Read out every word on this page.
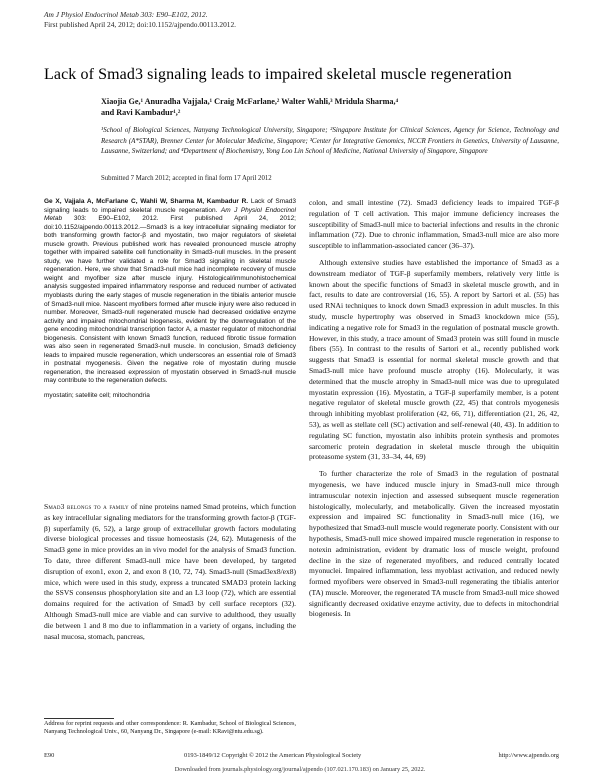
Am J Physiol Endocrinol Metab 303: E90–E102, 2012.
First published April 24, 2012; doi:10.1152/ajpendo.00113.2012.
Lack of Smad3 signaling leads to impaired skeletal muscle regeneration
Xiaojia Ge,¹ Anuradha Vajjala,¹ Craig McFarlane,² Walter Wahli,³ Mridula Sharma,⁴
and Ravi Kambadur¹,²
¹School of Biological Sciences, Nanyang Technological University, Singapore; ²Singapore Institute for Clinical Sciences, Agency for Science, Technology and Research (A*STAR), Brenner Center for Molecular Medicine, Singapore; ³Center for Integrative Genomics, NCCR Frontiers in Genetics, University of Lausanne, Lausanne, Switzerland; and ⁴Department of Biochemistry, Yong Loo Lin School of Medicine, National University of Singapore, Singapore
Submitted 7 March 2012; accepted in final form 17 April 2012

Ge X, Vajjala A, McFarlane C, Wahli W, Sharma M, Kambadur R. Lack of Smad3 signaling leads to impaired skeletal muscle regeneration. Am J Physiol Endocrinol Metab 303: E90–E102, 2012. First published April 24, 2012; doi:10.1152/ajpendo.00113.2012.—Smad3 is a key intracellular signaling mediator for both transforming growth factor-β and myostatin, two major regulators of skeletal muscle growth. Previous published work has revealed pronounced muscle atrophy together with impaired satellite cell functionality in Smad3-null muscles. In the present study, we have further validated a role for Smad3 signaling in skeletal muscle regeneration. Here, we show that Smad3-null mice had incomplete recovery of muscle weight and myofiber size after muscle injury. Histological/immunohistochemical analysis suggested impaired inflammatory response and reduced number of activated myoblasts during the early stages of muscle regeneration in the tibialis anterior muscle of Smad3-null mice. Nascent myofibers formed after muscle injury were also reduced in number. Moreover, Smad3-null regenerated muscle had decreased oxidative enzyme activity and impaired mitochondrial biogenesis, evident by the downregulation of the gene encoding mitochondrial transcription factor A, a master regulator of mitochondrial biogenesis. Consistent with known Smad3 function, reduced fibrotic tissue formation was also seen in regenerated Smad3-null muscle. In conclusion, Smad3 deficiency leads to impaired muscle regeneration, which underscores an essential role of Smad3 in postnatal myogenesis. Given the negative role of myostatin during muscle regeneration, the increased expression of myostatin observed in Smad3-null muscle may contribute to the regeneration defects.

myostatin; satellite cell; mitochondria

Smad3 belongs to a family of nine proteins named Smad proteins, which function as key intracellular signaling mediators for the transforming growth factor-β (TGF-β) superfamily (6, 52), a large group of extracellular growth factors modulating diverse biological processes and tissue homeostasis (24, 62). Mutagenesis of the Smad3 gene in mice provides an in vivo model for the analysis of Smad3 function. To date, three different Smad3-null mice have been developed, by targeted disruption of exon1, exon 2, and exon 8 (10, 72, 74). Smad3-null (Smad3ex8/ex8) mice, which were used in this study, express a truncated SMAD3 protein lacking the SSVS consensus phosphorylation site and an L3 loop (72), which are essential domains required for the activation of Smad3 by cell surface receptors (32). Although Smad3-null mice are viable and can survive to adulthood, they usually die between 1 and 8 mo due to inflammation in a variety of organs, including the nasal mucosa, stomach, pancreas,

colon, and small intestine (72). Smad3 deficiency leads to impaired TGF-β regulation of T cell activation. This major immune deficiency increases the susceptibility of Smad3-null mice to bacterial infections and results in the chronic inflammation (72). Due to chronic inflammation, Smad3-null mice are also more susceptible to inflammation-associated cancer (36–37).

Although extensive studies have established the importance of Smad3 as a downstream mediator of TGF-β superfamily members, relatively very little is known about the specific functions of Smad3 in skeletal muscle growth, and in fact, results to date are controversial (16, 55). A report by Sartori et al. (55) has used RNAi techniques to knock down Smad3 expression in adult muscles. In this study, muscle hypertrophy was observed in Smad3 knockdown mice (55), indicating a negative role for Smad3 in the regulation of postnatal muscle growth. However, in this study, a trace amount of Smad3 protein was still found in muscle fibers (55). In contrast to the results of Sartori et al., recently published work suggests that Smad3 is essential for normal skeletal muscle growth and that Smad3-null mice have profound muscle atrophy (16). Molecularly, it was determined that the muscle atrophy in Smad3-null mice was due to upregulated myostatin expression (16). Myostatin, a TGF-β superfamily member, is a potent negative regulator of skeletal muscle growth (22, 45) that controls myogenesis through inhibiting myoblast proliferation (42, 66, 71), differentiation (21, 26, 42, 53), as well as stellate cell (SC) activation and self-renewal (40, 43). In addition to regulating SC function, myostatin also inhibits protein synthesis and promotes sarcomeric protein degradation in skeletal muscle through the ubiquitin proteasome system (31, 33–34, 44, 69)

To further characterize the role of Smad3 in the regulation of postnatal myogenesis, we have induced muscle injury in Smad3-null mice through intramuscular notexin injection and assessed subsequent muscle regeneration histologically, molecularly, and metabolically. Given the increased myostatin expression and impaired SC functionality in Smad3-null mice (16), we hypothesized that Smad3-null muscle would regenerate poorly. Consistent with our hypothesis, Smad3-null mice showed impaired muscle regeneration in response to notexin administration, evident by dramatic loss of muscle weight, profound decline in the size of regenerated myofibers, and reduced centrally located myonuclei. Impaired inflammation, less myoblast activation, and reduced newly formed myofibers were observed in Smad3-null regenerating the tibialis anterior (TA) muscle. Moreover, the regenerated TA muscle from Smad3-null mice showed significantly decreased oxidative enzyme activity, due to defects in mitochondrial biogenesis. In

Address for reprint requests and other correspondence: R. Kambadur, School of Biological Sciences, Nanyang Technological Univ., 60, Nanyang Dr., Singapore (e-mail: KRavi@ntu.edu.sg).
E90	0193-1849/12 Copyright © 2012 the American Physiological Society	http://www.ajpendo.org
Downloaded from journals.physiology.org/journal/ajpendo (107.021.170.183) on January 25, 2022.
